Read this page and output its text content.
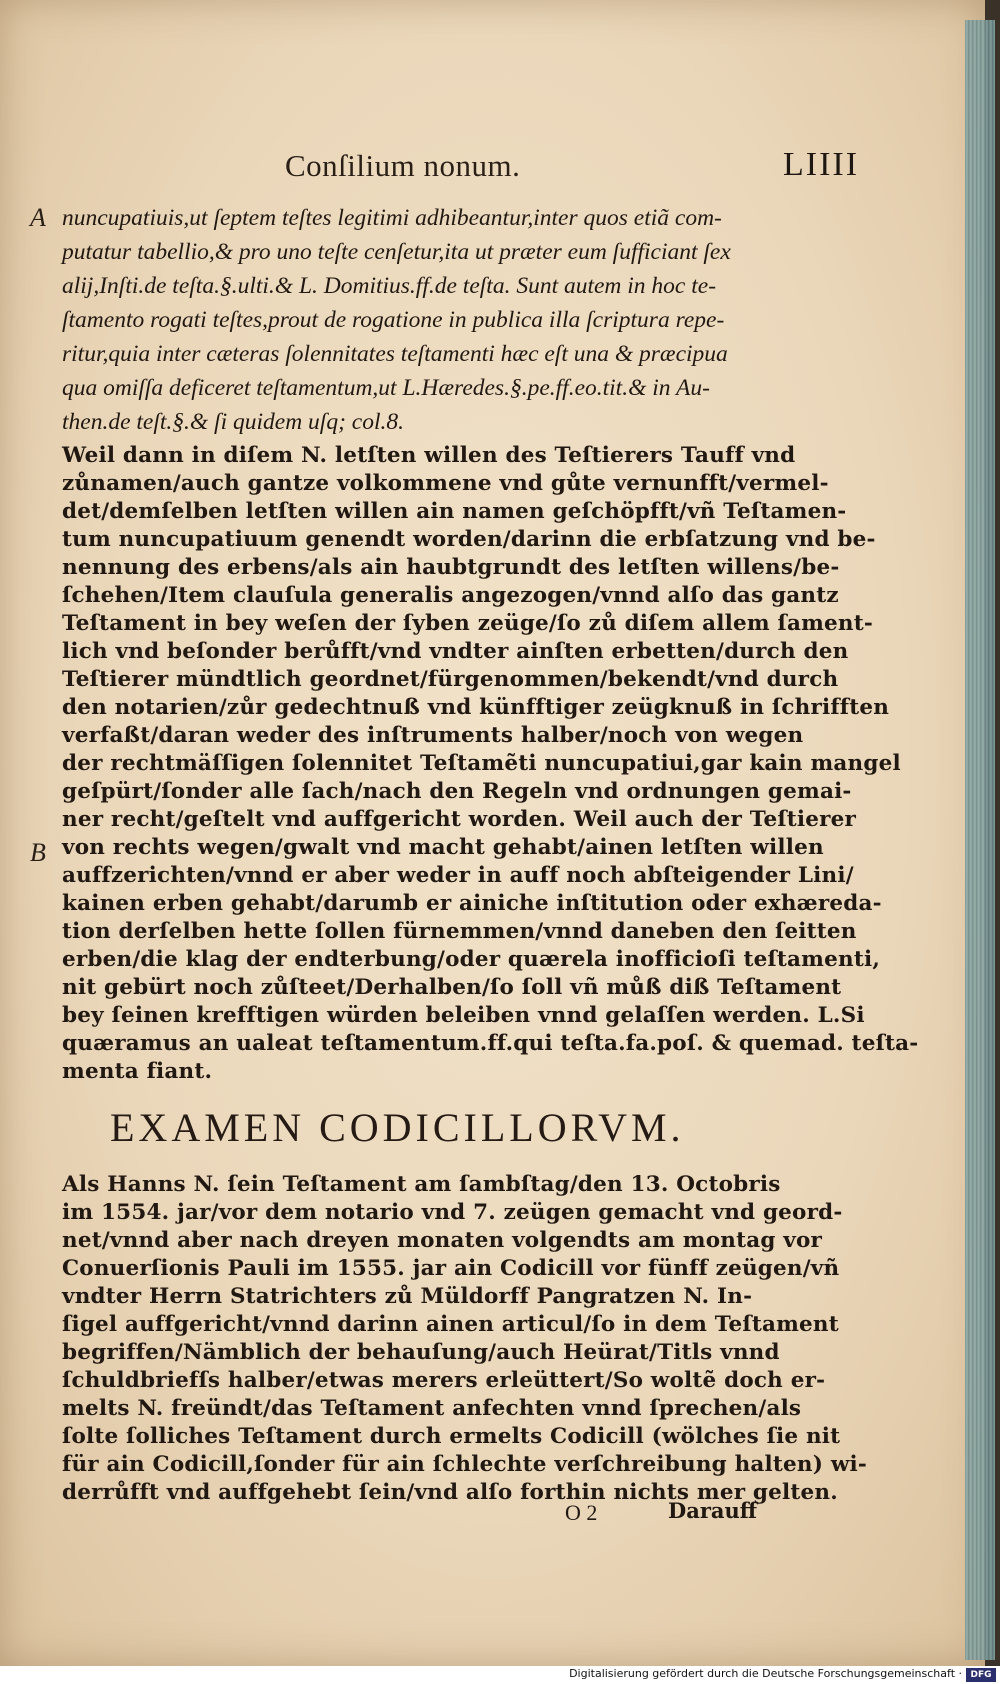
Conſilium nonum.	LIIII
A
B
nuncupatiuis,ut ſeptem teſtes legitimi adhibeantur,inter quos etiã com-
putatur tabellio,& pro uno teſte cenſetur,ita ut præter eum ſufficiant ſex
alij,Inſti.de teſta.§.ulti.& L. Domitius.ff.de teſta. Sunt autem in hoc te-
ſtamento rogati teſtes,prout de rogatione in publica illa ſcriptura repe-
ritur,quia inter cæteras ſolennitates teſtamenti hæc eſt una & præcipua
qua omiſſa deficeret teſtamentum,ut L.Hæredes.§.pe.ff.eo.tit.& in Au-
then.de teſt.§.& ſi quidem uſq; col.8.
Weil dann in diſem N. letſten willen des Teſtierers Tauff vnd
zůnamen/auch gantze volkommene vnd gůte vernunfft/vermel-
det/demſelben letſten willen ain namen geſchöpfft/vñ Teſtamen-
tum nuncupatiuum genendt worden/darinn die erbſatzung vnd be-
nennung des erbens/als ain haubtgrundt des letſten willens/be-
ſchehen/Item clauſula generalis angezogen/vnnd alſo das gantz
Teſtament in bey weſen der ſyben zeüge/ſo zů diſem allem ſament-
lich vnd beſonder berůfft/vnd vndter ainſten erbetten/durch den
Teſtierer mündtlich geordnet/fürgenommen/bekendt/vnd durch
den notarien/zůr gedechtnuß vnd künfftiger zeügknuß in ſchrifften
verfaßt/daran weder des inſtruments halber/noch von wegen
der rechtmäſſigen ſolennitet Teſtamẽti nuncupatiui,gar kain mangel
geſpürt/ſonder alle ſach/nach den Regeln vnd ordnungen gemai-
ner recht/geſtelt vnd auffgericht worden. Weil auch der Teſtierer
von rechts wegen/gwalt vnd macht gehabt/ainen letſten willen
auffzerichten/vnnd er aber weder in auff noch abſteigender Lini/
kainen erben gehabt/darumb er ainiche inſtitution oder exhæreda-
tion derſelben hette ſollen fürnemmen/vnnd daneben den ſeitten
erben/die klag der endterbung/oder quærela inofficioſi teſtamenti,
nit gebürt noch zůſteet/Derhalben/ſo ſoll vñ můß diß Teſtament
bey ſeinen krefftigen würden beleiben vnnd gelaſſen werden. L.Si
quæramus an ualeat teſtamentum.ff.qui teſta.fa.poſ. & quemad. teſta-
menta fiant.
EXAMEN CODICILLORVM.
Als Hanns N. ſein Teſtament am ſambſtag/den 13. Octobris
im 1554. jar/vor dem notario vnd 7. zeügen gemacht vnd geord-
net/vnnd aber nach dreyen monaten volgendts am montag vor
Conuerſionis Pauli im 1555. jar ain Codicill vor fünff zeügen/vñ
vndter Herrn Statrichters zů Müldorff Pangratzen N. In-
ſigel auffgericht/vnnd darinn ainen articul/ſo in dem Teſtament
begriffen/Nämblich der behauſung/auch Heürat/Titls vnnd
ſchuldbriefſs halber/etwas merers erleüttert/So woltẽ doch er-
melts N. freündt/das Teſtament anfechten vnnd ſprechen/als
ſolte ſolliches Teſtament durch ermelts Codicill (wölches ſie nit
für ain Codicill,ſonder für ain ſchlechte verſchreibung halten) wi-
derrůfft vnd auffgehebt ſein/vnd alſo forthin nichts mer gelten.
O 2	Darauff
Digitalisierung gefördert durch die Deutsche Forschungsgemeinschaft · DFG
